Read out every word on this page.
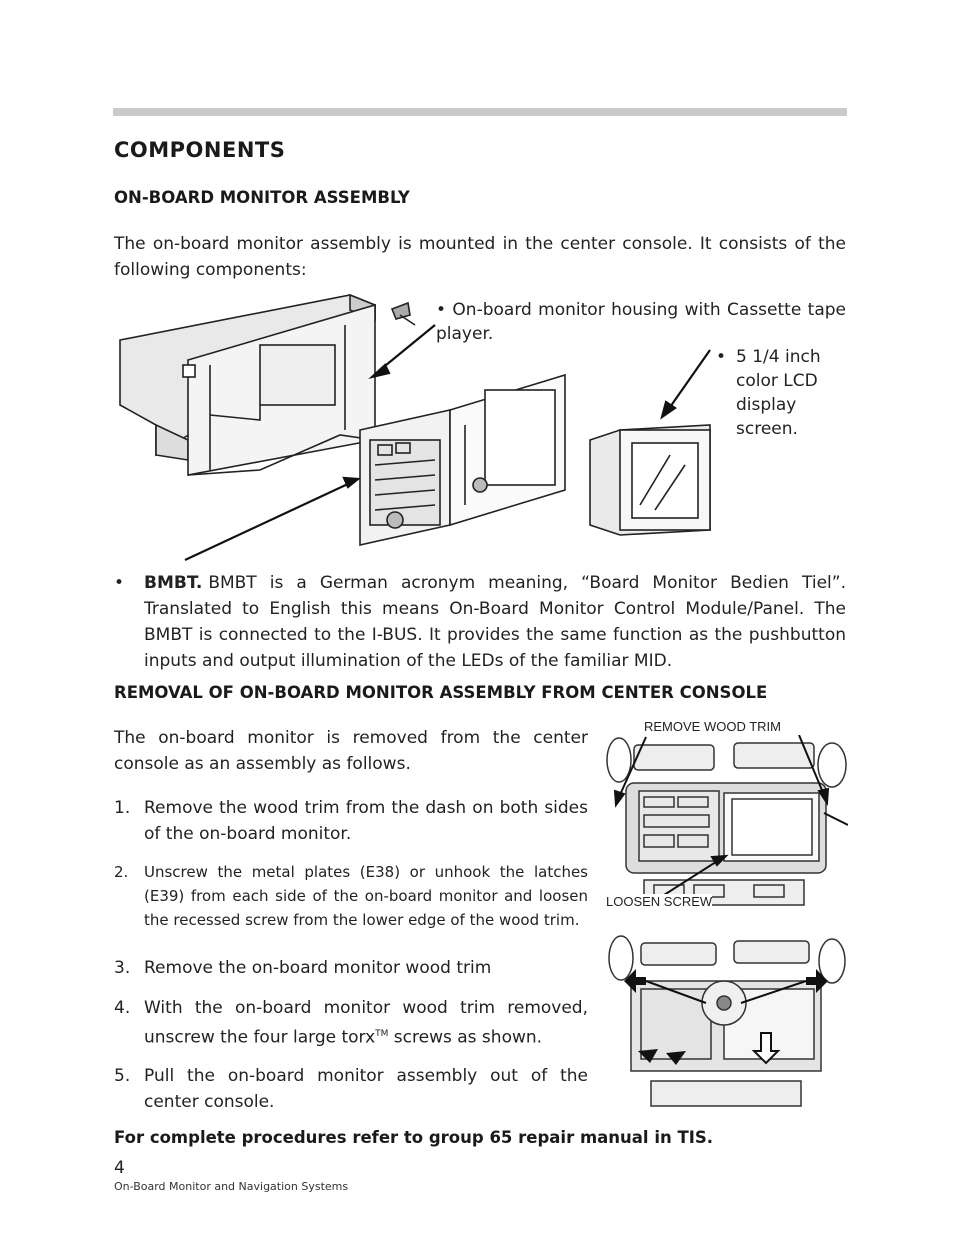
COMPONENTS
ON-BOARD MONITOR ASSEMBLY
The on-board monitor assembly is mounted in the center console. It consists of the following components:
• On-board monitor housing with Cassette tape player.
• 5 1/4 inch color LCD display screen.
• BMBT. BMBT is a German acronym meaning, “Board Monitor Bedien Tiel”. Translated to English this means On-Board Monitor Control Module/Panel. The BMBT is connected to the I-BUS. It provides the same function as the pushbutton inputs and output illumination of the LEDs of the familiar MID.
REMOVAL OF ON-BOARD MONITOR ASSEMBLY FROM CENTER CONSOLE

The on-board monitor is removed from the center console as an assembly as follows.

1. Remove the wood trim from the dash on both sides of the on-board monitor.
2. Unscrew the metal plates (E38) or unhook the latches (E39) from each side of the on-board monitor and loosen the recessed screw from the lower edge of the wood trim.
3. Remove the on-board monitor wood trim
4. With the on-board monitor wood trim removed, unscrew the four large torx™ screws as shown.
5. Pull the on-board monitor assembly out of the center console.
REMOVE WOOD TRIM
LOOSEN SCREW
For complete procedures refer to group 65 repair manual in TIS.
4
On-Board Monitor and Navigation Systems
